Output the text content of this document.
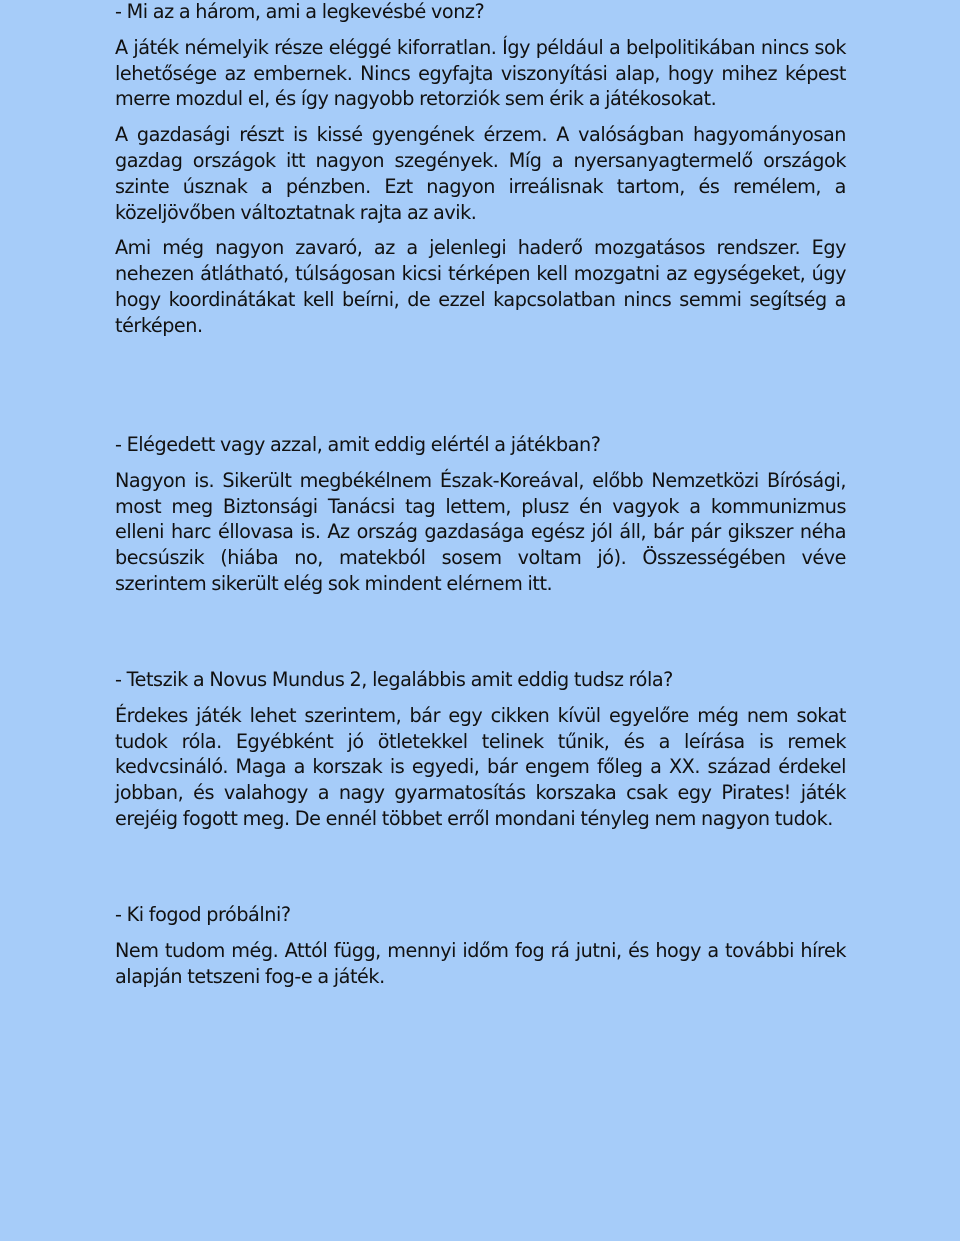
- Mi az a három, ami a legkevésbé vonz?

A játék némelyik része eléggé kiforratlan. Így például a belpolitikában nincs sok lehetősége az embernek. Nincs egyfajta viszonyítási alap, hogy mihez képest merre mozdul el, és így nagyobb retorziók sem érik a játékosokat.

A gazdasági részt is kissé gyengének érzem. A valóságban hagyományosan gazdag országok itt nagyon szegények. Míg a nyersanyagtermelő országok szinte úsznak a pénzben. Ezt nagyon irreálisnak tartom, és remélem, a közeljövőben változtatnak rajta az avik.

Ami még nagyon zavaró, az a jelenlegi haderő mozgatásos rendszer. Egy nehezen átlátható, túlságosan kicsi térképen kell mozgatni az egységeket, úgy hogy koordinátákat kell beírni, de ezzel kapcsolatban nincs semmi segítség a térképen.

- Elégedett vagy azzal, amit eddig elértél a játékban?

Nagyon is. Sikerült megbékélnem Észak-Koreával, előbb Nemzetközi Bírósági, most meg Biztonsági Tanácsi tag lettem, plusz én vagyok a kommunizmus elleni harc éllovasa is. Az ország gazdasága egész jól áll, bár pár gikszer néha becsúszik (hiába no, matekból sosem voltam jó). Összességében véve szerintem sikerült elég sok mindent elérnem itt.

- Tetszik a Novus Mundus 2, legalábbis amit eddig tudsz róla?

Érdekes játék lehet szerintem, bár egy cikken kívül egyelőre még nem sokat tudok róla. Egyébként jó ötletekkel telinek tűnik, és a leírása is remek kedvcsináló. Maga a korszak is egyedi, bár engem főleg a XX. század érdekel jobban, és valahogy a nagy gyarmatosítás korszaka csak egy Pirates! játék erejéig fogott meg. De ennél többet erről mondani tényleg nem nagyon tudok.

- Ki fogod próbálni?

Nem tudom még. Attól függ, mennyi időm fog rá jutni, és hogy a további hírek alapján tetszeni fog-e a játék.
